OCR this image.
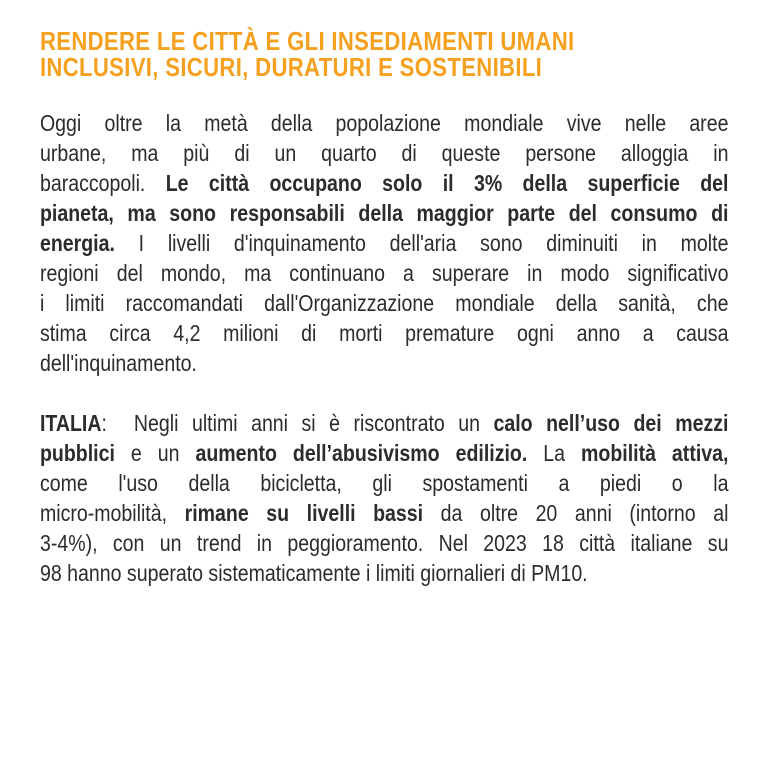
RENDERE LE CITTÀ E GLI INSEDIAMENTI UMANI
INCLUSIVI, SICURI, DURATURI E SOSTENIBILI
Oggi oltre la metà della popolazione mondiale vive nelle aree
urbane, ma più di un quarto di queste persone alloggia in
baraccopoli. Le città occupano solo il 3% della superficie del
pianeta, ma sono responsabili della maggior parte del consumo di
energia. I livelli d'inquinamento dell'aria sono diminuiti in molte
regioni del mondo, ma continuano a superare in modo significativo
i limiti raccomandati dall'Organizzazione mondiale della sanità, che
stima circa 4,2 milioni di morti premature ogni anno a causa
dell'inquinamento.
ITALIA:  Negli ultimi anni si è riscontrato un calo nell’uso dei mezzi
pubblici e un aumento dell’abusivismo edilizio. La mobilità attiva,
come l'uso della bicicletta, gli spostamenti a piedi o la
micro-mobilità, rimane su livelli bassi da oltre 20 anni (intorno al
3-4%), con un trend in peggioramento. Nel 2023 18 città italiane su
98 hanno superato sistematicamente i limiti giornalieri di PM10.
